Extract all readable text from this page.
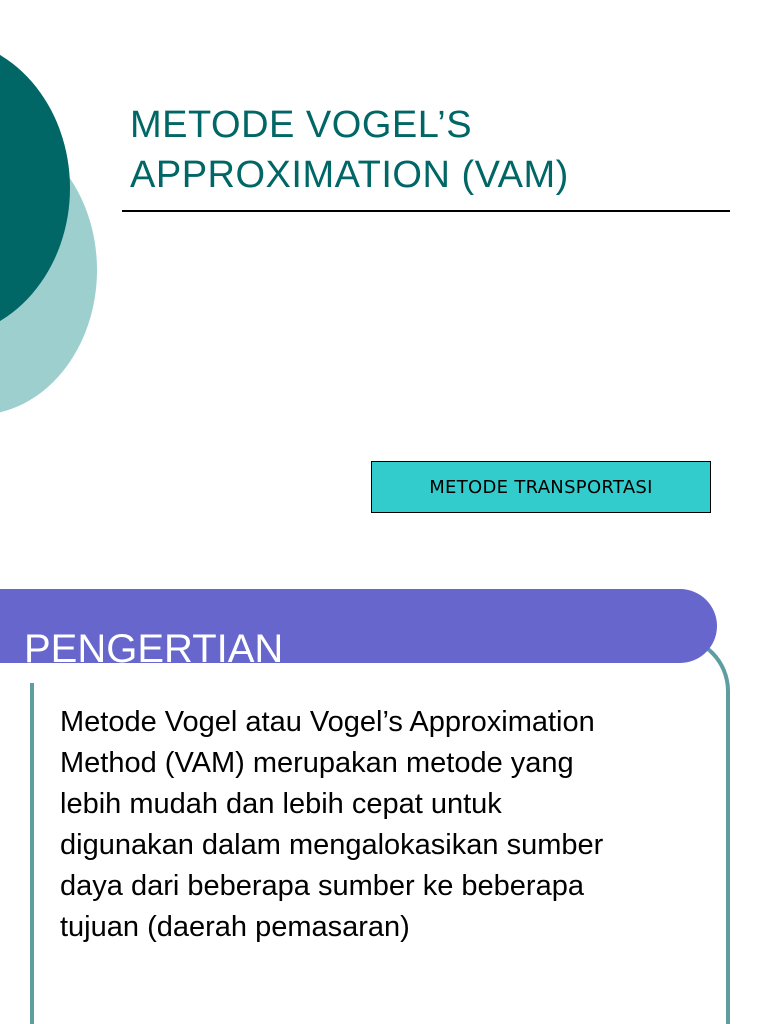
METODE VOGEL’S
APPROXIMATION (VAM)
METODE TRANSPORTASI
PENGERTIAN
Metode Vogel atau Vogel’s Approximation
Method (VAM) merupakan metode yang
lebih mudah dan lebih cepat untuk
digunakan dalam mengalokasikan sumber
daya dari beberapa sumber ke beberapa
tujuan (daerah pemasaran)
